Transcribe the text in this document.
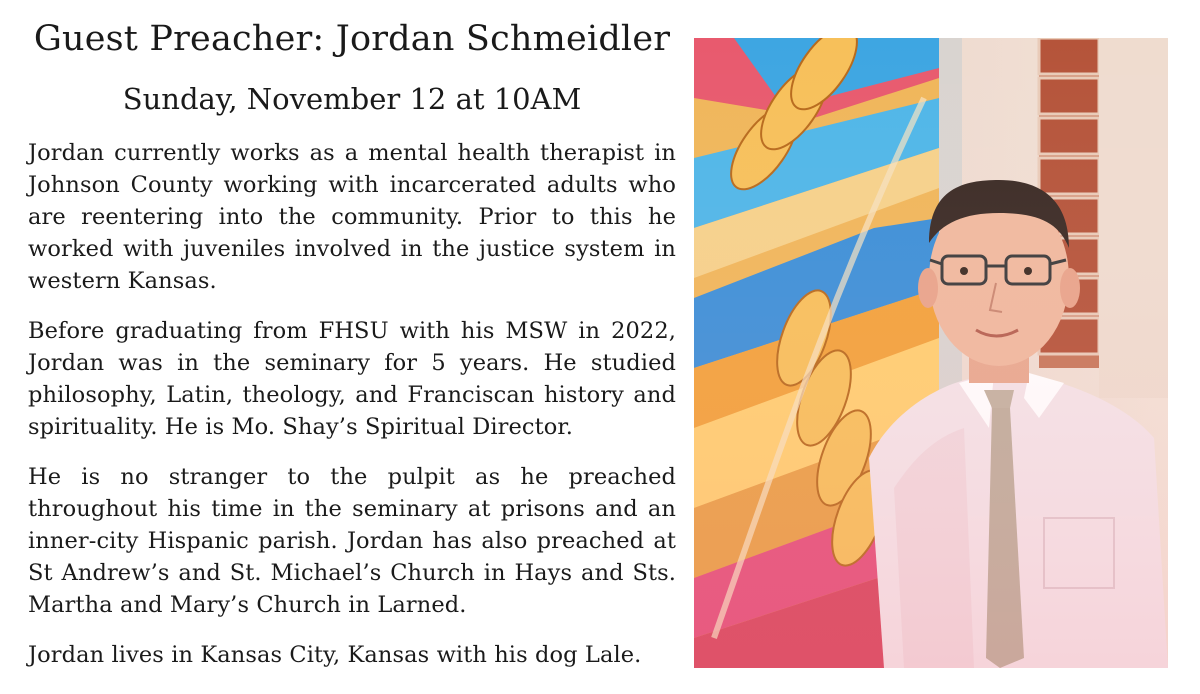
Guest Preacher: Jordan Schmeidler
Sunday, November 12 at 10AM

Jordan currently works as a mental health therapist in Johnson County working with incarcerated adults who are reentering into the community. Prior to this he worked with juveniles involved in the justice system in western Kansas.

Before graduating from FHSU with his MSW in 2022, Jordan was in the seminary for 5 years. He studied philosophy, Latin, theology, and Franciscan history and spirituality. He is Mo. Shay’s Spiritual Director.

He is no stranger to the pulpit as he preached throughout his time in the seminary at prisons and an inner-city Hispanic parish. Jordan has also preached at St Andrew’s and St. Michael’s Church in Hays and Sts. Martha and Mary’s Church in Larned.

Jordan lives in Kansas City, Kansas with his dog Lale.
